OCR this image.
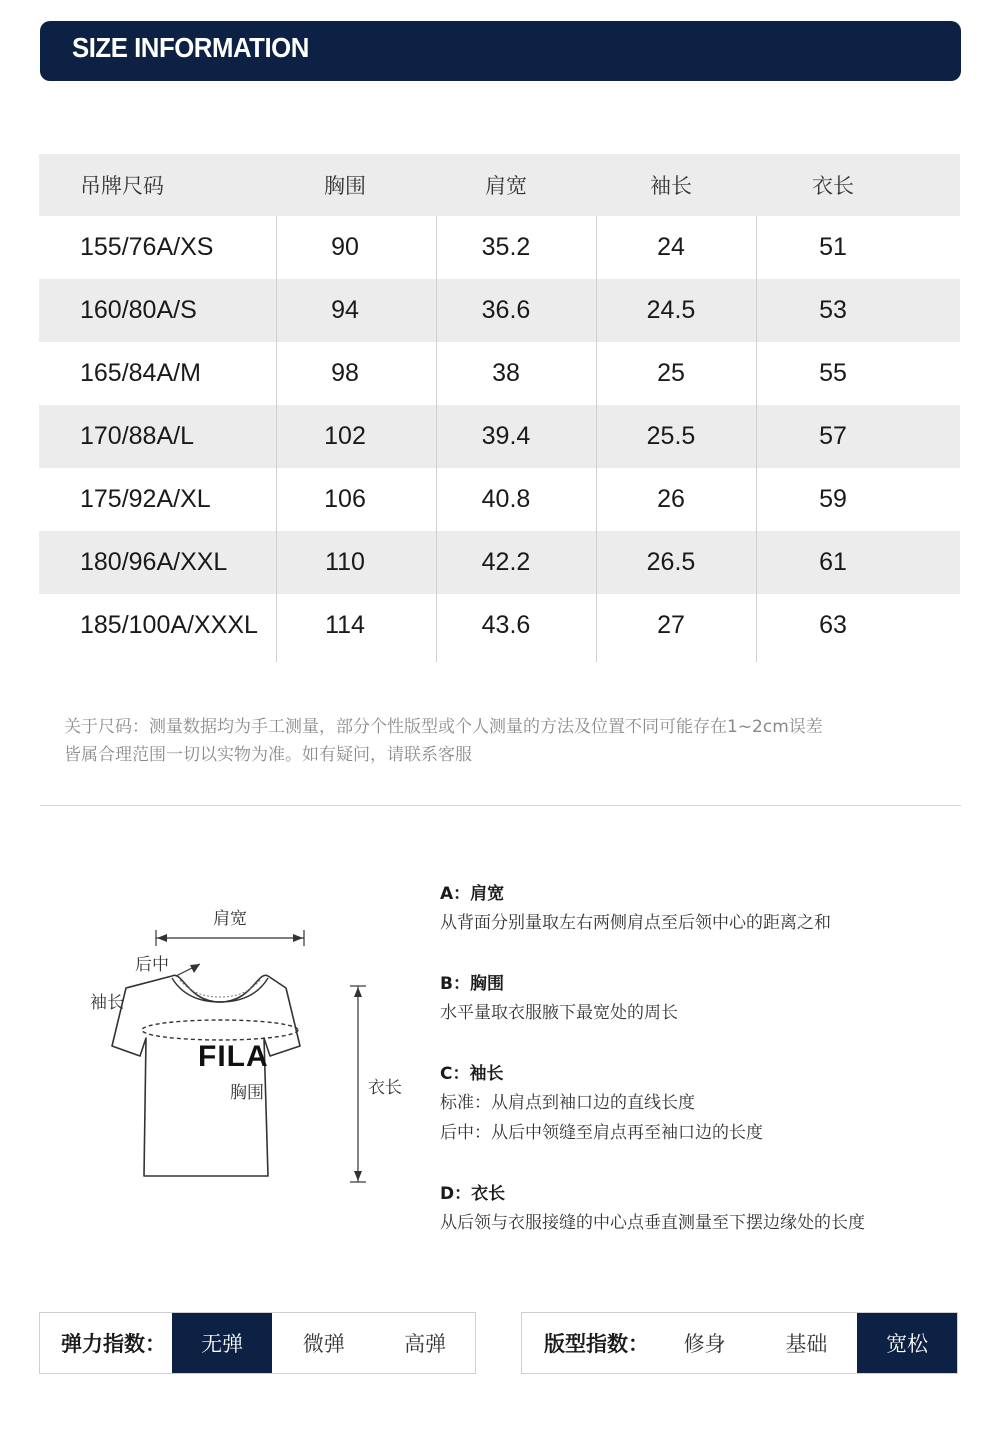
SIZE INFORMATION
吊牌尺码	胸围	肩宽	袖长	衣长
155/76A/XS	90	35.2	24	51
160/80A/S	94	36.6	24.5	53
165/84A/M	98	38	25	55
170/88A/L	102	39.4	25.5	57
175/92A/XL	106	40.8	26	59
180/96A/XXL	110	42.2	26.5	61
185/100A/XXXL	114	43.6	27	63
关于尺码：测量数据均为手工测量，部分个性版型或个人测量的方法及位置不同可能存在1~2cm误差
皆属合理范围一切以实物为准。如有疑问，请联系客服
肩宽
后中
袖长
FILA
胸围	衣长
A：肩宽
从背面分别量取左右两侧肩点至后领中心的距离之和
B：胸围
水平量取衣服腋下最宽处的周长
C：袖长
标准：从肩点到袖口边的直线长度
后中：从后中领缝至肩点再至袖口边的长度
D：衣长
从后领与衣服接缝的中心点垂直测量至下摆边缘处的长度
弹力指数：	无弹	微弹	高弹	版型指数：	修身	基础	宽松
